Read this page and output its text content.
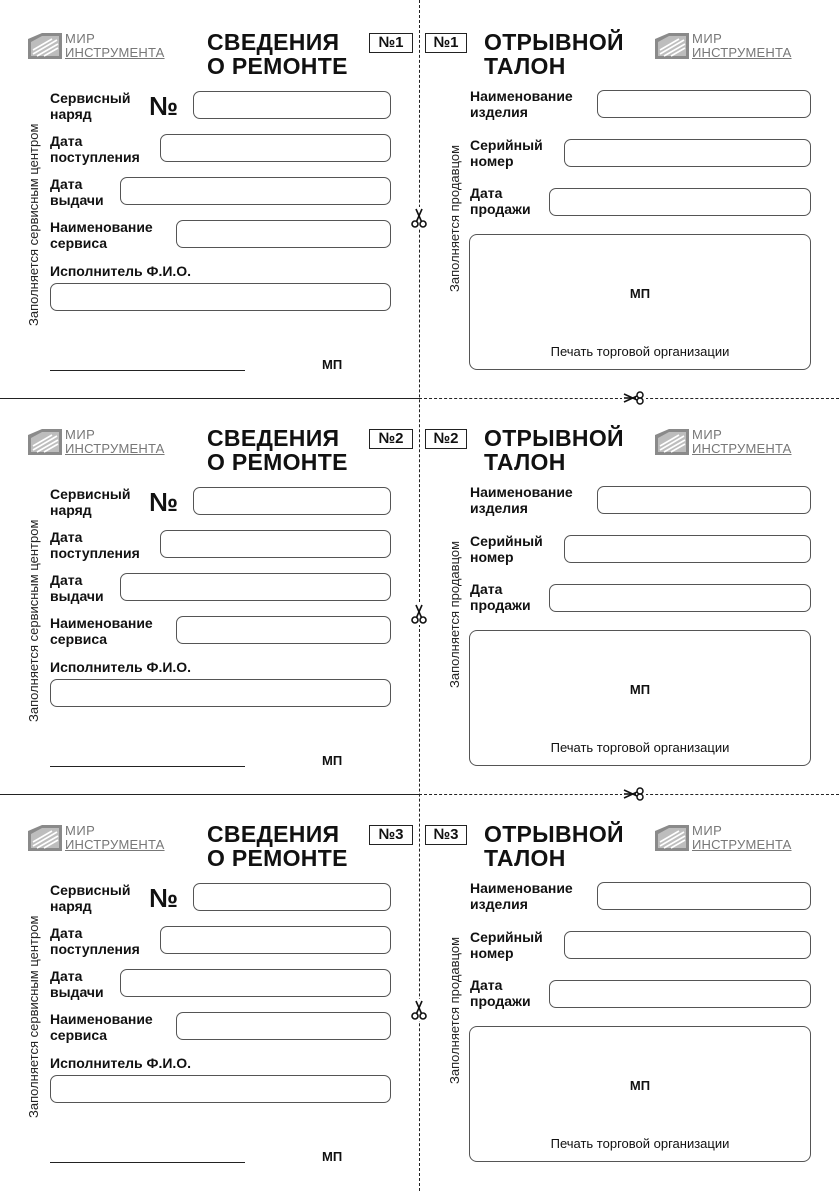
МИР
ИНСТРУМЕНТА СВЕДЕНИЯ
О РЕМОНТЕ
№1
Заполняется сервисным центром
Сервисный
наряд	№
Дата
поступления
Дата
выдачи
Наименование
сервиса
Исполнитель Ф.И.О.
МП
№1	ОТРЫВНОЙ
ТАЛОН
МИР
ИНСТРУМЕНТА
Заполняется продавцом
Наименование
изделия
Серийный
номер
Дата
продажи
МП
Печать торговой организации
МИР
ИНСТРУМЕНТА СВЕДЕНИЯ
О РЕМОНТЕ
№2
Заполняется сервисным центром
Сервисный
наряд	№
Дата
поступления
Дата
выдачи
Наименование
сервиса
Исполнитель Ф.И.О.
МП
№2	ОТРЫВНОЙ
ТАЛОН
МИР
ИНСТРУМЕНТА
Заполняется продавцом
Наименование
изделия
Серийный
номер
Дата
продажи
МП
Печать торговой организации
МИР
ИНСТРУМЕНТА СВЕДЕНИЯ
О РЕМОНТЕ
№3
Заполняется сервисным центром
Сервисный
наряд	№
Дата
поступления
Дата
выдачи
Наименование
сервиса
Исполнитель Ф.И.О.
МП
№3	ОТРЫВНОЙ
ТАЛОН
МИР
ИНСТРУМЕНТА
Заполняется продавцом
Наименование
изделия
Серийный
номер
Дата
продажи
МП
Печать торговой организации
